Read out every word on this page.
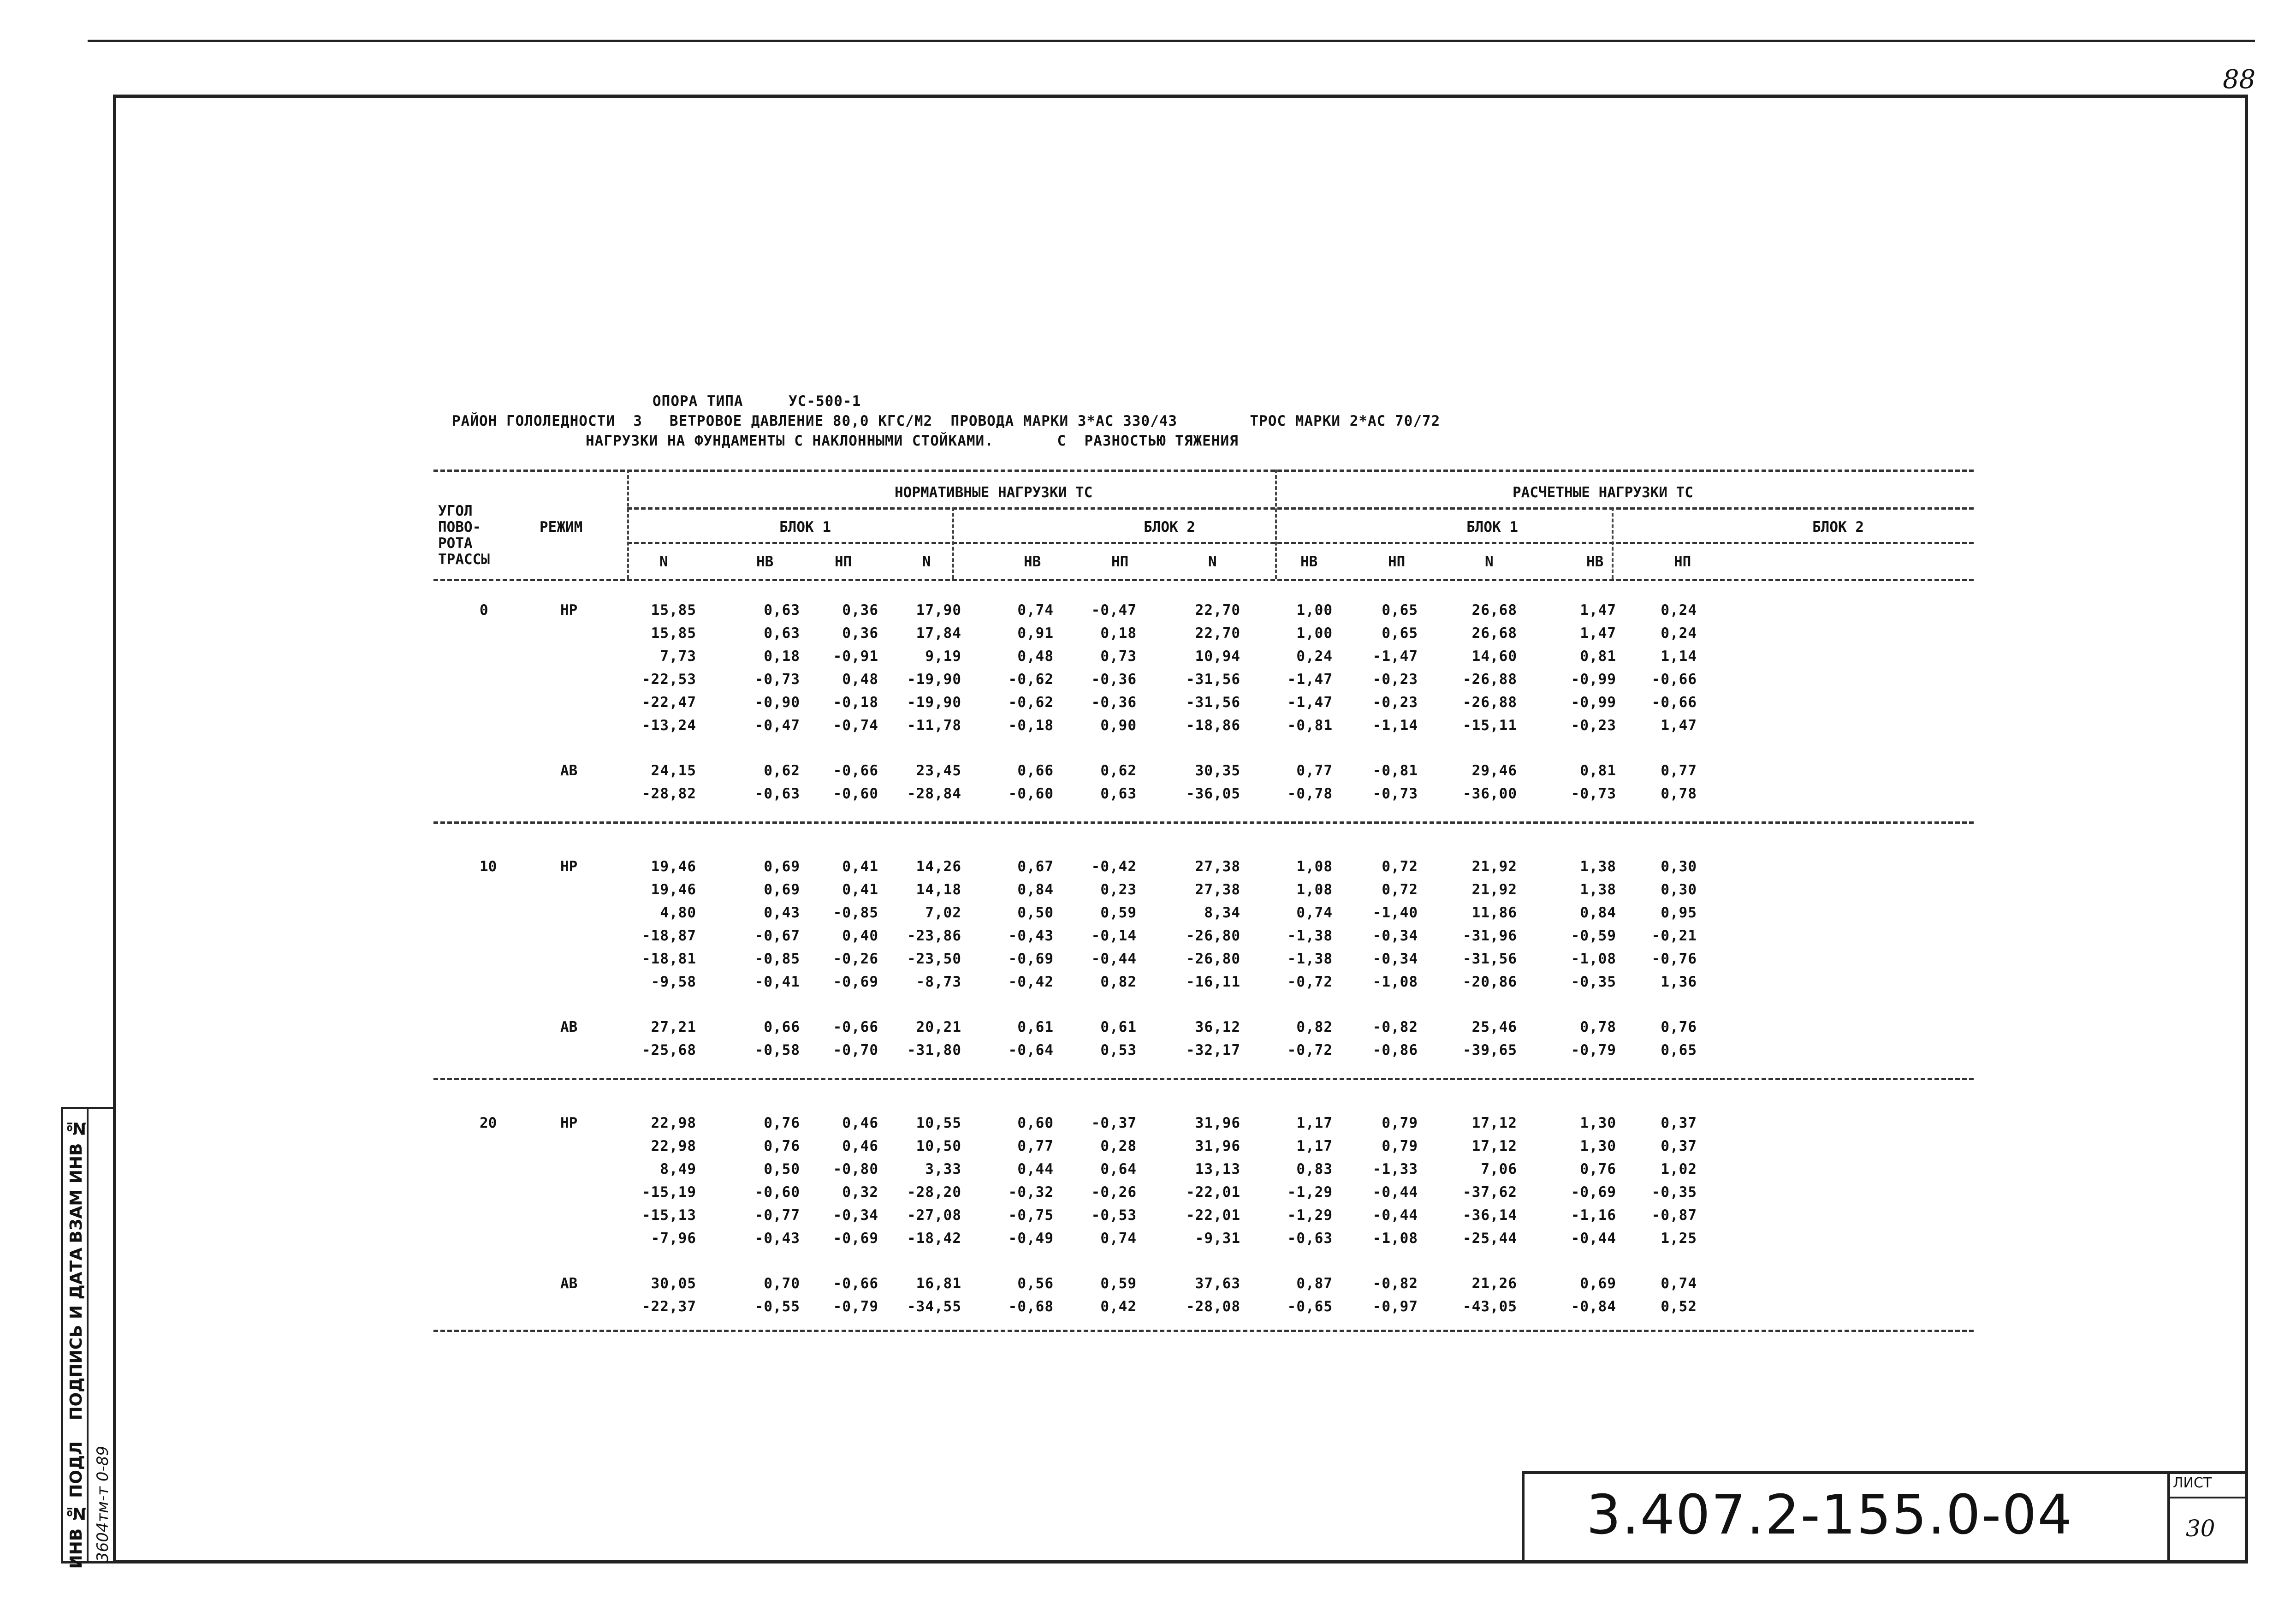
88
ИНВ № ПОДЛ
ПОДПИСЬ И ДАТА
ВЗАМ ИНВ №
3604тм-т 0-89	3.407.2-155.0-04	ЛИСТ
30
ОПОРА ТИПА     УС-500-1
РАЙОН ГОЛОЛЕДНОСТИ  3   ВЕТРОВОЕ ДАВЛЕНИЕ 80,0 КГС/М2  ПРОВОДА МАРКИ 3*АС 330/43        ТРОС МАРКИ 2*АС 70/72
НАГРУЗКИ НА ФУНДАМЕНТЫ С НАКЛОННЫМИ СТОЙКАМИ.       С  РАЗНОСТЬЮ ТЯЖЕНИЯ
НОРМАТИВНЫЕ НАГРУЗКИ ТС	РАСЧЕТНЫЕ НАГРУЗКИ ТС
БЛОК 1	БЛОК 2	БЛОК 1	БЛОК 2
УГОЛ
ПОВО-
РОТА
ТРАССЫ
РЕЖИМ
N	НВ	НП	N	НВ	НП	N	НВ	НП	N	НВ	НП
0	НР	15,85	0,63	0,36	17,90	0,74	-0,47	22,70	1,00	0,65	26,68	1,47	0,24
15,85	0,63	0,36	17,84	0,91	0,18	22,70	1,00	0,65	26,68	1,47	0,24
7,73	0,18	-0,91	9,19	0,48	0,73	10,94	0,24	-1,47	14,60	0,81	1,14
-22,53	-0,73	0,48	-19,90	-0,62	-0,36	-31,56	-1,47	-0,23	-26,88	-0,99	-0,66
-22,47	-0,90	-0,18	-19,90	-0,62	-0,36	-31,56	-1,47	-0,23	-26,88	-0,99	-0,66
-13,24	-0,47	-0,74	-11,78	-0,18	0,90	-18,86	-0,81	-1,14	-15,11	-0,23	1,47
АВ	24,15	0,62	-0,66	23,45	0,66	0,62	30,35	0,77	-0,81	29,46	0,81	0,77
-28,82	-0,63	-0,60	-28,84	-0,60	0,63	-36,05	-0,78	-0,73	-36,00	-0,73	0,78
10	НР	19,46	0,69	0,41	14,26	0,67	-0,42	27,38	1,08	0,72	21,92	1,38	0,30
19,46	0,69	0,41	14,18	0,84	0,23	27,38	1,08	0,72	21,92	1,38	0,30
4,80	0,43	-0,85	7,02	0,50	0,59	8,34	0,74	-1,40	11,86	0,84	0,95
-18,87	-0,67	0,40	-23,86	-0,43	-0,14	-26,80	-1,38	-0,34	-31,96	-0,59	-0,21
-18,81	-0,85	-0,26	-23,50	-0,69	-0,44	-26,80	-1,38	-0,34	-31,56	-1,08	-0,76
-9,58	-0,41	-0,69	-8,73	-0,42	0,82	-16,11	-0,72	-1,08	-20,86	-0,35	1,36
АВ	27,21	0,66	-0,66	20,21	0,61	0,61	36,12	0,82	-0,82	25,46	0,78	0,76
-25,68	-0,58	-0,70	-31,80	-0,64	0,53	-32,17	-0,72	-0,86	-39,65	-0,79	0,65
20	НР	22,98	0,76	0,46	10,55	0,60	-0,37	31,96	1,17	0,79	17,12	1,30	0,37
22,98	0,76	0,46	10,50	0,77	0,28	31,96	1,17	0,79	17,12	1,30	0,37
8,49	0,50	-0,80	3,33	0,44	0,64	13,13	0,83	-1,33	7,06	0,76	1,02
-15,19	-0,60	0,32	-28,20	-0,32	-0,26	-22,01	-1,29	-0,44	-37,62	-0,69	-0,35
-15,13	-0,77	-0,34	-27,08	-0,75	-0,53	-22,01	-1,29	-0,44	-36,14	-1,16	-0,87
-7,96	-0,43	-0,69	-18,42	-0,49	0,74	-9,31	-0,63	-1,08	-25,44	-0,44	1,25
АВ	30,05	0,70	-0,66	16,81	0,56	0,59	37,63	0,87	-0,82	21,26	0,69	0,74
-22,37	-0,55	-0,79	-34,55	-0,68	0,42	-28,08	-0,65	-0,97	-43,05	-0,84	0,52
